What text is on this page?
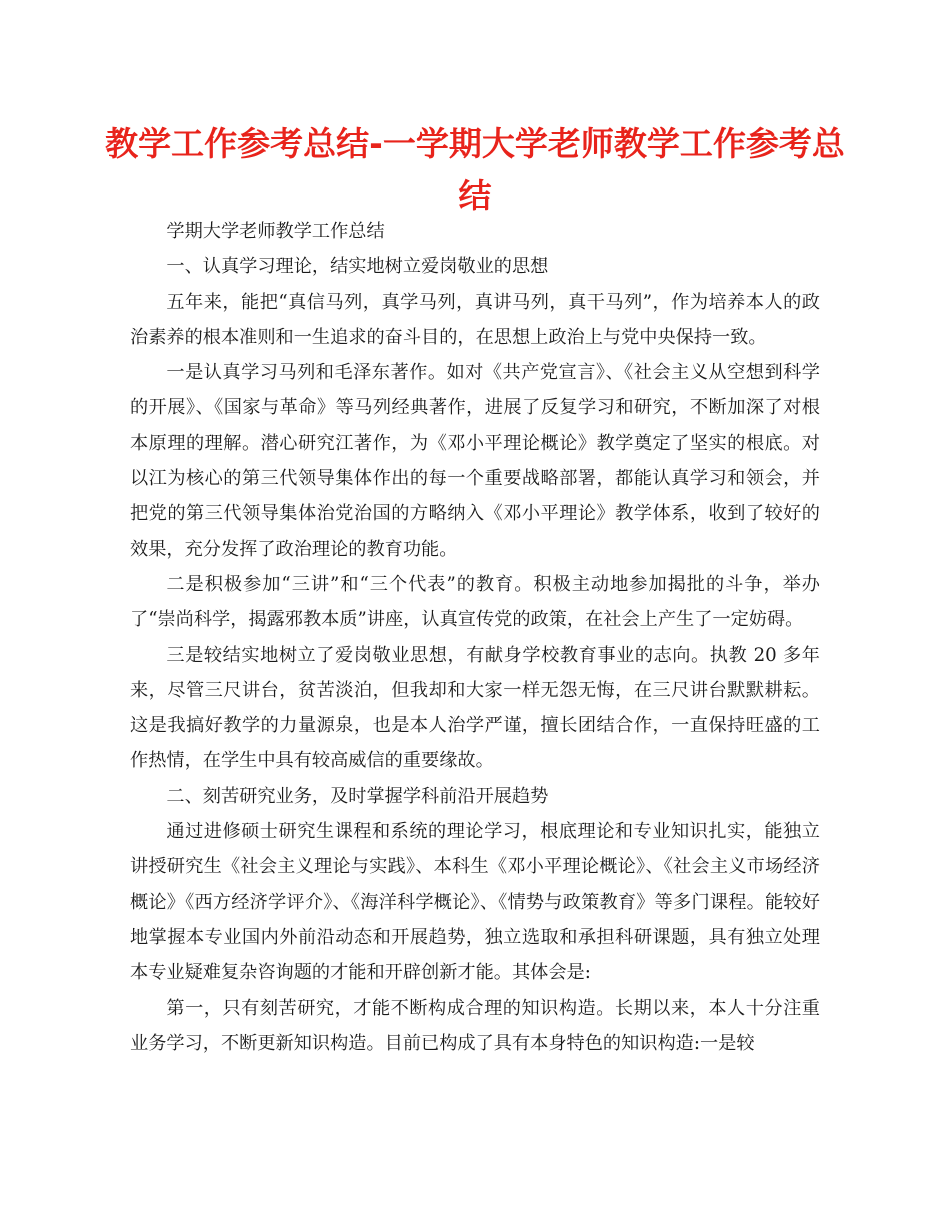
教学工作参考总结-一学期大学老师教学工作参考总结

学期大学老师教学工作总结

一、认真学习理论，结实地树立爱岗敬业的思想

五年来，能把“真信马列，真学马列，真讲马列，真干马列”，作为培养本人的政治素养的根本准则和一生追求的奋斗目的，在思想上政治上与党中央保持一致。

一是认真学习马列和毛泽东著作。如对《共产党宣言》、《社会主义从空想到科学的开展》、《国家与革命》等马列经典著作，进展了反复学习和研究，不断加深了对根本原理的理解。潜心研究江著作，为《邓小平理论概论》教学奠定了坚实的根底。对以江为核心的第三代领导集体作出的每一个重要战略部署，都能认真学习和领会，并把党的第三代领导集体治党治国的方略纳入《邓小平理论》教学体系，收到了较好的效果，充分发挥了政治理论的教育功能。

二是积极参加“三讲”和“三个代表”的教育。积极主动地参加揭批的斗争，举办了“崇尚科学，揭露邪教本质”讲座，认真宣传党的政策，在社会上产生了一定妨碍。

三是较结实地树立了爱岗敬业思想，有献身学校教育事业的志向。执教 20 多年来，尽管三尺讲台，贫苦淡泊，但我却和大家一样无怨无悔，在三尺讲台默默耕耘。这是我搞好教学的力量源泉，也是本人治学严谨，擅长团结合作，一直保持旺盛的工作热情，在学生中具有较高威信的重要缘故。

二、刻苦研究业务，及时掌握学科前沿开展趋势

通过进修硕士研究生课程和系统的理论学习，根底理论和专业知识扎实，能独立讲授研究生《社会主义理论与实践》、本科生《邓小平理论概论》、《社会主义市场经济概论》《西方经济学评介》、《海洋科学概论》、《情势与政策教育》等多门课程。能较好地掌握本专业国内外前沿动态和开展趋势，独立选取和承担科研课题，具有独立处理本专业疑难复杂咨询题的才能和开辟创新才能。其体会是:

第一，只有刻苦研究，才能不断构成合理的知识构造。长期以来，本人十分注重业务学习，不断更新知识构造。目前已构成了具有本身特色的知识构造:一是较
